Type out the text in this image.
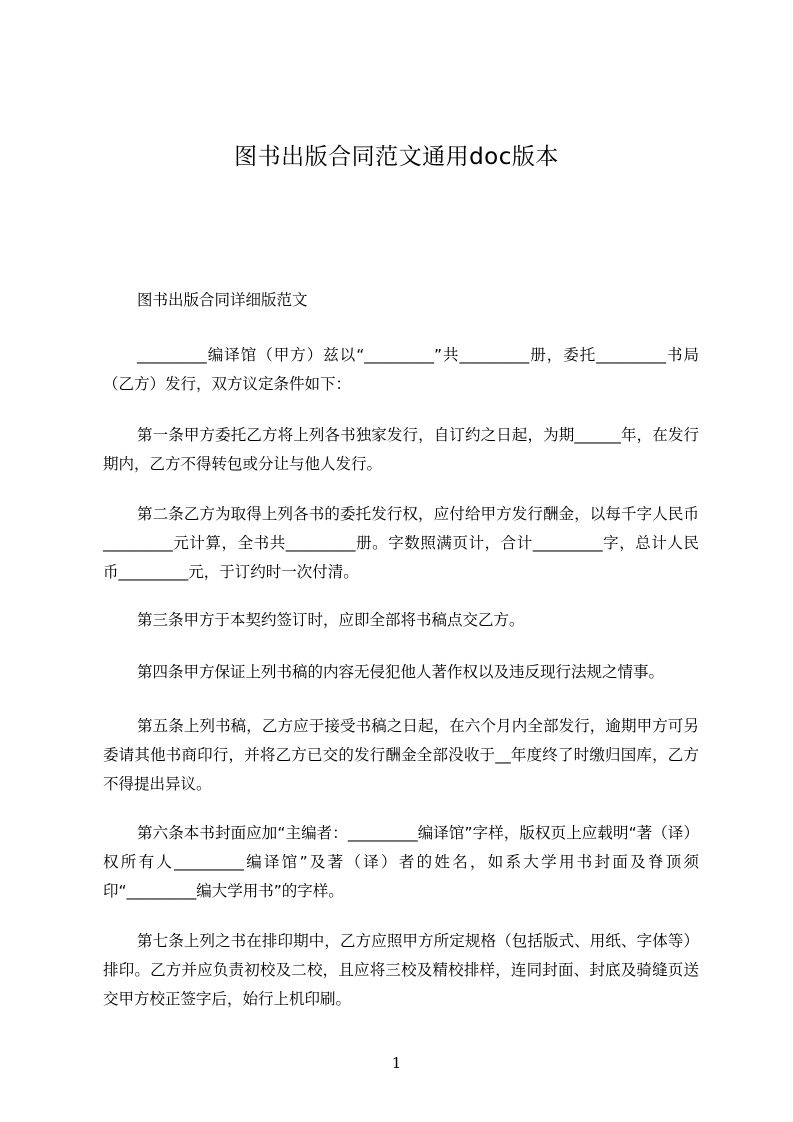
图书出版合同范文通用doc版本

图书出版合同详细版范文

_________编译馆（甲方）兹以“_________”共_________册，委托_________书局（乙方）发行，双方议定条件如下：

第一条甲方委托乙方将上列各书独家发行，自订约之日起，为期______年，在发行期内，乙方不得转包或分让与他人发行。

第二条乙方为取得上列各书的委托发行权，应付给甲方发行酬金，以每千字人民币_________元计算，全书共_________册。字数照满页计，合计_________字，总计人民币_________元，于订约时一次付清。

第三条甲方于本契约签订时，应即全部将书稿点交乙方。

第四条甲方保证上列书稿的内容无侵犯他人著作权以及违反现行法规之情事。

第五条上列书稿，乙方应于接受书稿之日起，在六个月内全部发行，逾期甲方可另委请其他书商印行，并将乙方已交的发行酬金全部没收于__年度终了时缴归国库，乙方不得提出异议。

第六条本书封面应加“主编者：_________编译馆”字样，版权页上应载明“著（译）权所有人_________编译馆”及著（译）者的姓名，如系大学用书封面及脊顶须印“_________编大学用书”的字样。

第七条上列之书在排印期中，乙方应照甲方所定规格（包括版式、用纸、字体等）排印。乙方并应负责初校及二校，且应将三校及精校排样，连同封面、封底及骑缝页送交甲方校正签字后，始行上机印刷。

1
